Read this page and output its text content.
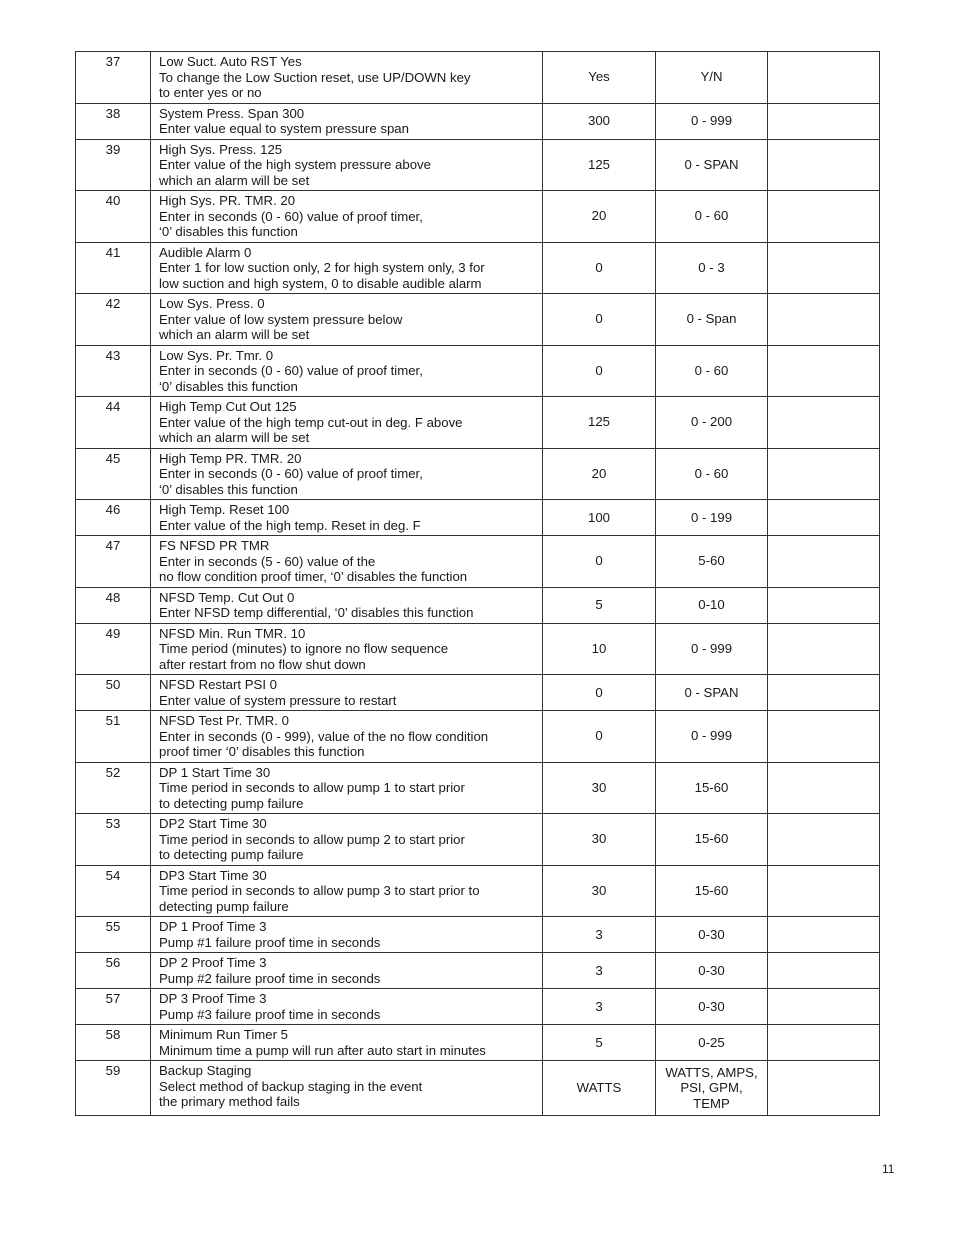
37	Low Suct. Auto RST Yes
To change the Low Suction reset, use UP/DOWN key
to enter yes or no	Yes	Y/N	

38	System Press. Span 300
Enter value equal to system pressure span	300	0 - 999	

39	High Sys. Press. 125
Enter value of the high system pressure above
which an alarm will be set	125	0 - SPAN	

40	High Sys. PR. TMR. 20
Enter in seconds (0 - 60) value of proof timer,
‘0’ disables this function	20	0 - 60	

41	Audible Alarm 0
Enter 1 for low suction only, 2 for high system only, 3 for
low suction and high system, 0 to disable audible alarm	0	0 - 3	

42	Low Sys. Press. 0
Enter value of low system pressure below
which an alarm will be set	0	0 - Span	

43	Low Sys. Pr. Tmr. 0
Enter in seconds (0 - 60) value of proof timer,
‘0’ disables this function	0	0 - 60	

44	High Temp Cut Out 125
Enter value of the high temp cut-out in deg. F above
which an alarm will be set	125	0 - 200	

45	High Temp PR. TMR. 20
Enter in seconds (0 - 60) value of proof timer,
‘0’ disables this function	20	0 - 60	

46	High Temp. Reset 100
Enter value of the high temp. Reset in deg. F	100	0 - 199	

47	FS NFSD PR TMR
Enter in seconds (5 - 60) value of the
no flow condition proof timer, ‘0’ disables the function	0	5-60	

48	NFSD Temp. Cut Out 0
Enter NFSD temp differential, ‘0’ disables this function	5	0-10	

49	NFSD Min. Run TMR. 10
Time period (minutes) to ignore no flow sequence
after restart from no flow shut down	10	0 - 999	

50	NFSD Restart PSI 0
Enter value of system pressure to restart	0	0 - SPAN	

51	NFSD Test Pr. TMR. 0
Enter in seconds (0 - 999), value of the no flow condition
proof timer ‘0’ disables this function	0	0 - 999	

52	DP 1 Start Time 30
Time period in seconds to allow pump 1 to start prior
to detecting pump failure	30	15-60	

53	DP2 Start Time 30
Time period in seconds to allow pump 2 to start prior
to detecting pump failure	30	15-60	

54	DP3 Start Time 30
Time period in seconds to allow pump 3 to start prior to
detecting pump failure	30	15-60	

55	DP 1 Proof Time 3
Pump #1 failure proof time in seconds	3	0-30	

56	DP 2 Proof Time 3
Pump #2 failure proof time in seconds	3	0-30	

57	DP 3 Proof Time 3
Pump #3 failure proof time in seconds	3	0-30	

58	Minimum Run Timer 5
Minimum time a pump will run after auto start in minutes	5	0-25	

59	Backup Staging
Select method of backup staging in the event
the primary method fails	WATTS	WATTS, AMPS,
PSI, GPM,
TEMP	

11
